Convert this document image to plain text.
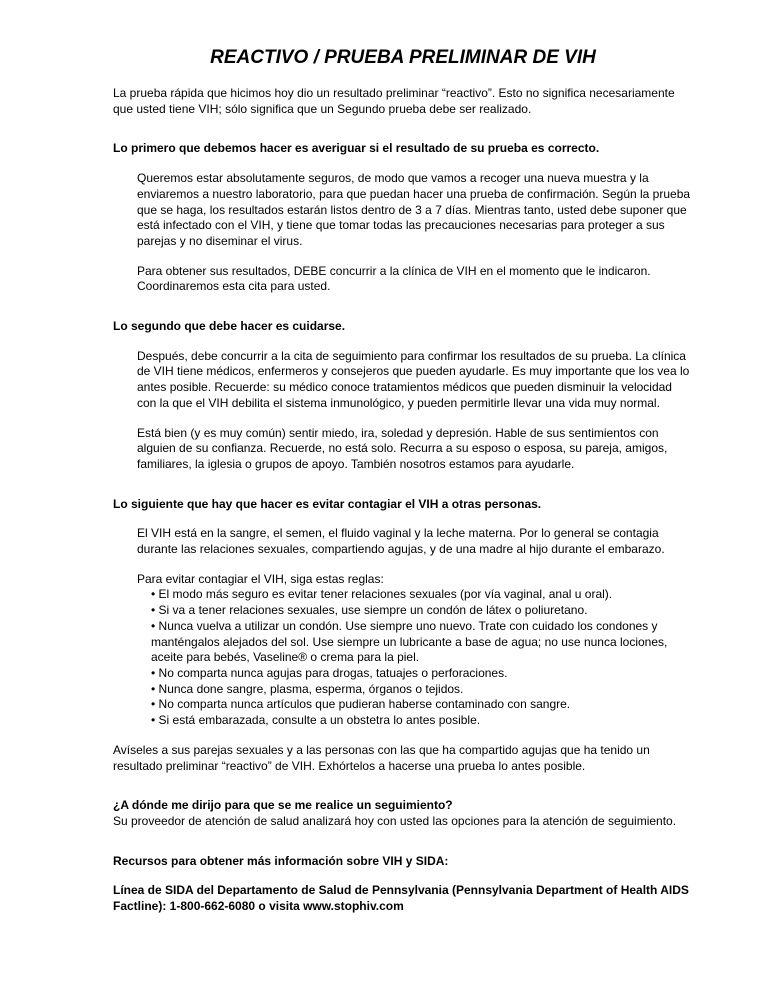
REACTIVO / PRUEBA PRELIMINAR DE VIH
La prueba rápida que hicimos hoy dio un resultado preliminar “reactivo”. Esto no significa necesariamente que usted tiene VIH; sólo significa que un Segundo prueba debe ser realizado.
Lo primero que debemos hacer es averiguar si el resultado de su prueba es correcto.
Queremos estar absolutamente seguros, de modo que vamos a recoger una nueva muestra y la enviaremos a nuestro laboratorio, para que puedan hacer una prueba de confirmación. Según la prueba que se haga, los resultados estarán listos dentro de 3 a 7 días. Mientras tanto, usted debe suponer que está infectado con el VIH, y tiene que tomar todas las precauciones necesarias para proteger a sus parejas y no diseminar el virus.
Para obtener sus resultados, DEBE concurrir a la clínica de VIH en el momento que le indicaron. Coordinaremos esta cita para usted.
Lo segundo que debe hacer es cuidarse.
Después, debe concurrir a la cita de seguimiento para confirmar los resultados de su prueba. La clínica de VIH tiene médicos, enfermeros y consejeros que pueden ayudarle. Es muy importante que los vea lo antes posible. Recuerde: su médico conoce tratamientos médicos que pueden disminuir la velocidad con la que el VIH debilita el sistema inmunológico, y pueden permitirle llevar una vida muy normal.
Está bien (y es muy común) sentir miedo, ira, soledad y depresión. Hable de sus sentimientos con alguien de su confianza. Recuerde, no está solo. Recurra a su esposo o esposa, su pareja, amigos, familiares, la iglesia o grupos de apoyo. También nosotros estamos para ayudarle.
Lo siguiente que hay que hacer es evitar contagiar el VIH a otras personas.
El VIH está en la sangre, el semen, el fluido vaginal y la leche materna. Por lo general se contagia durante las relaciones sexuales, compartiendo agujas, y de una madre al hijo durante el embarazo.
Para evitar contagiar el VIH, siga estas reglas:
• El modo más seguro es evitar tener relaciones sexuales (por vía vaginal, anal u oral).
• Si va a tener relaciones sexuales, use siempre un condón de látex o poliuretano.
• Nunca vuelva a utilizar un condón. Use siempre uno nuevo. Trate con cuidado los condones y manténgalos alejados del sol. Use siempre un lubricante a base de agua; no use nunca lociones, aceite para bebés, Vaseline® o crema para la piel.
• No comparta nunca agujas para drogas, tatuajes o perforaciones.
• Nunca done sangre, plasma, esperma, órganos o tejidos.
• No comparta nunca artículos que pudieran haberse contaminado con sangre.
• Si está embarazada, consulte a un obstetra lo antes posible.
Avíseles a sus parejas sexuales y a las personas con las que ha compartido agujas que ha tenido un resultado preliminar “reactivo” de VIH. Exhórtelos a hacerse una prueba lo antes posible.
¿A dónde me dirijo para que se me realice un seguimiento?
Su proveedor de atención de salud analizará hoy con usted las opciones para la atención de seguimiento.
Recursos para obtener más información sobre VIH y SIDA:
Línea de SIDA del Departamento de Salud de Pennsylvania (Pennsylvania Department of Health AIDS Factline): 1-800-662-6080 o visita www.stophiv.com
